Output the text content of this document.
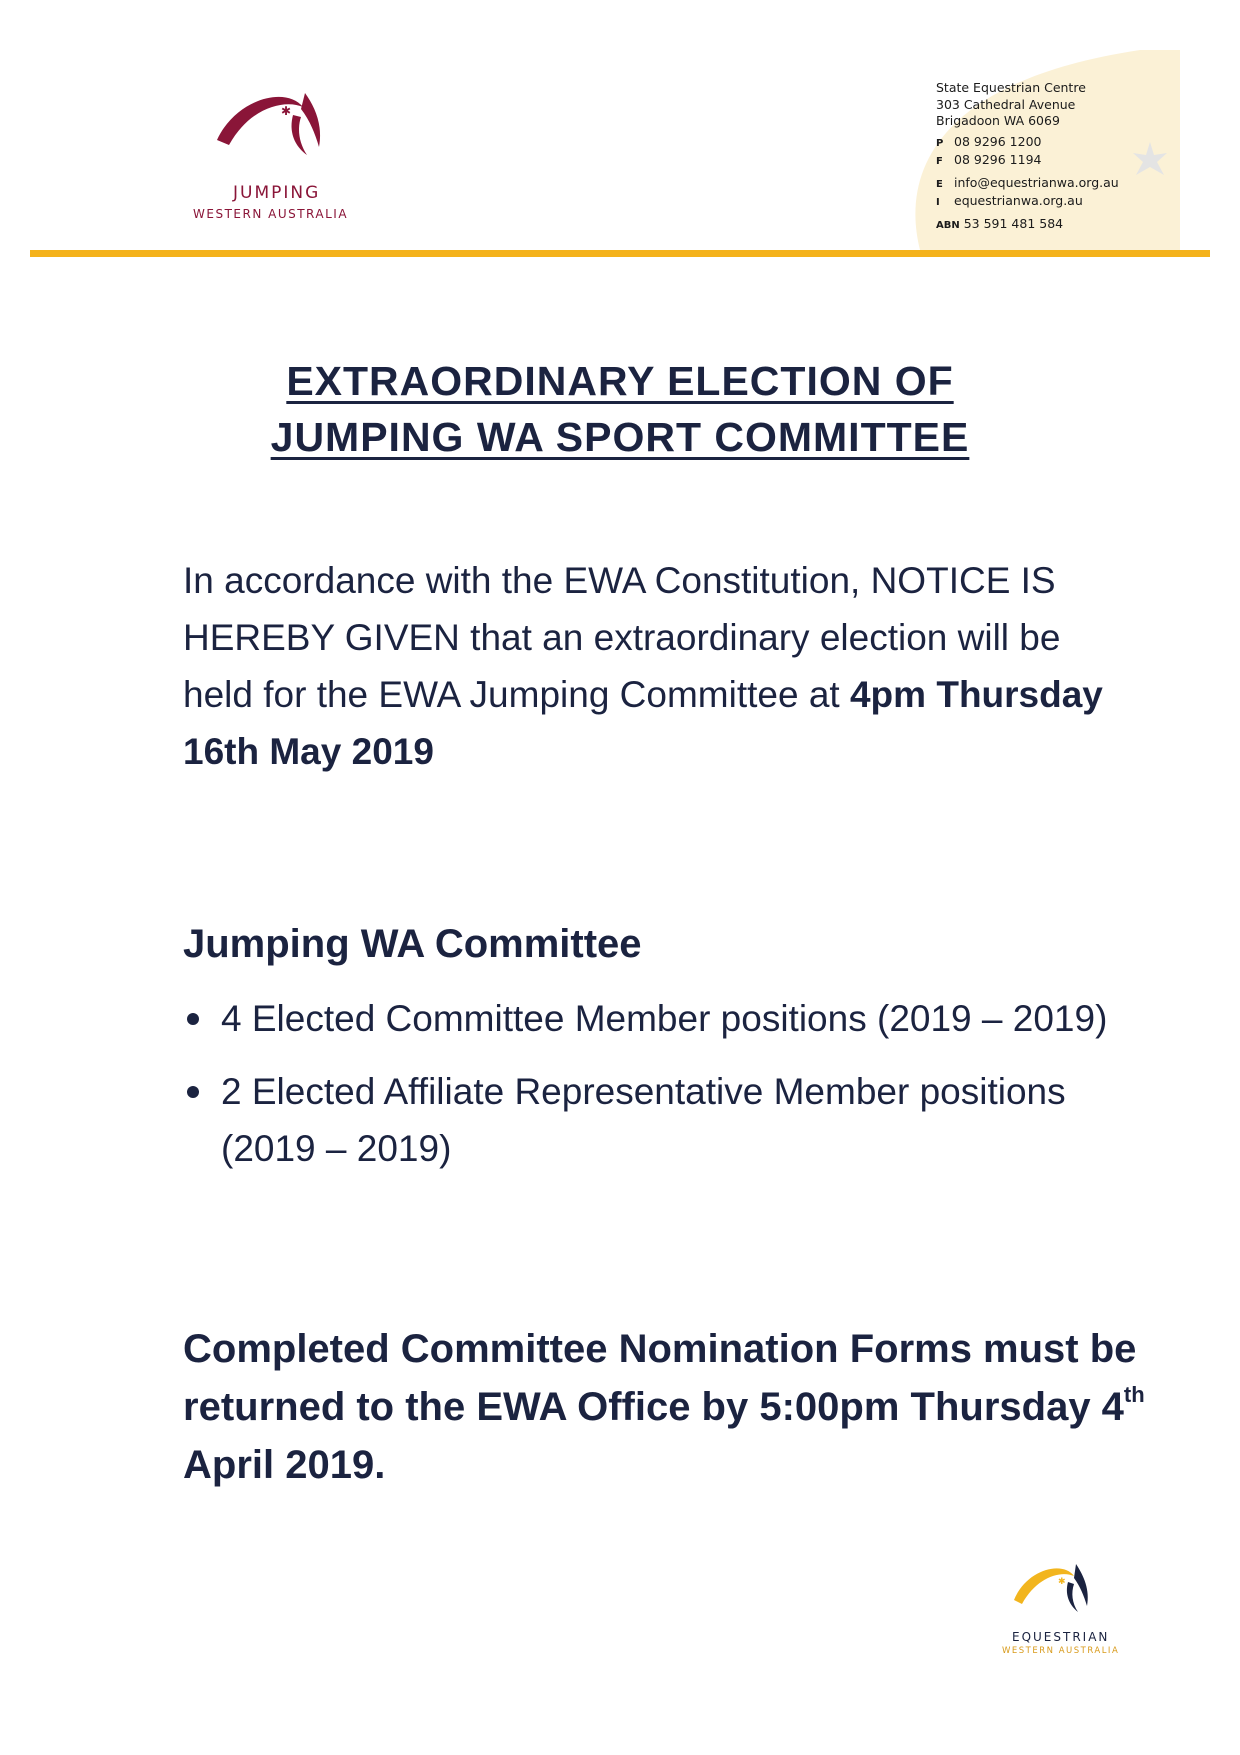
✱
JUMPING
WESTERN AUSTRALIA
State Equestrian Centre
303 Cathedral Avenue
Brigadoon WA 6069
P 08 9296 1200
F 08 9296 1194
E info@equestrianwa.org.au
I equestrianwa.org.au
ABN 53 591 481 584
EXTRAORDINARY ELECTION OF
JUMPING WA SPORT COMMITTEE
In accordance with the EWA Constitution, NOTICE IS HEREBY GIVEN that an extraordinary election will be held for the EWA Jumping Committee at 4pm Thursday 16th May 2019
Jumping WA Committee
4 Elected Committee Member positions (2019 – 2019)
2 Elected Affiliate Representative Member positions (2019 – 2019)
Completed Committee Nomination Forms must be returned to the EWA Office by 5:00pm Thursday 4th April 2019.
✱
EQUESTRIAN
WESTERN AUSTRALIA
